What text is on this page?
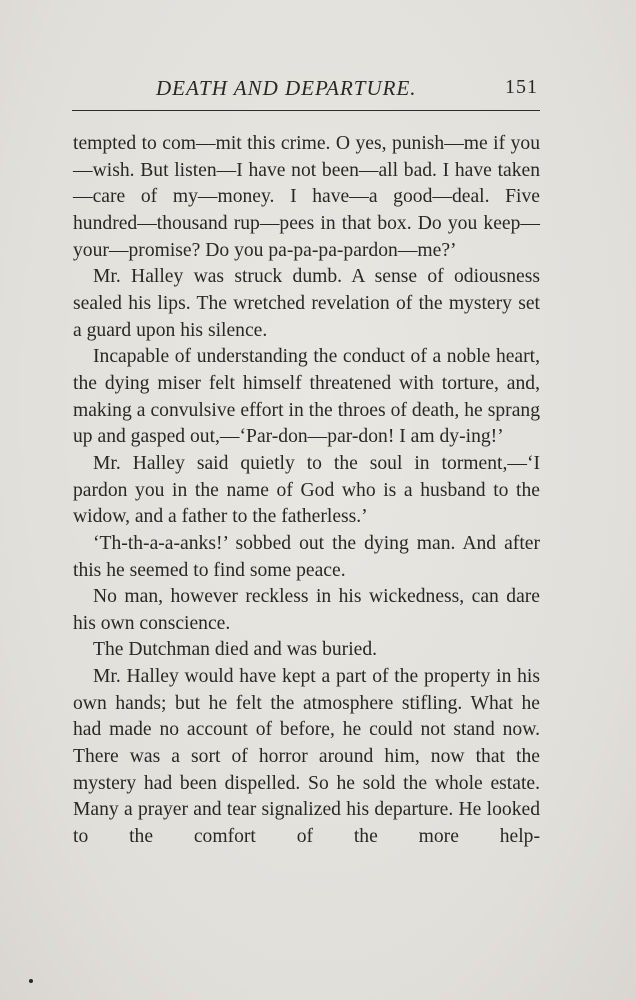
DEATH AND DEPARTURE.	151

tempted to com—mit this crime. O yes, punish—me if you—wish. But listen—I have not been—all bad. I have taken—care of my—money. I have—a good—deal. Five hundred—thousand rup—pees in that box. Do you keep—your—promise? Do you pa-pa-pa-pardon—me?’

Mr. Halley was struck dumb. A sense of odiousness sealed his lips. The wretched revelation of the mystery set a guard upon his silence.

Incapable of understanding the conduct of a noble heart, the dying miser felt himself threatened with torture, and, making a convulsive effort in the throes of death, he sprang up and gasped out,—‘Par-don—par-don! I am dy-ing!’

Mr. Halley said quietly to the soul in torment,—‘I pardon you in the name of God who is a husband to the widow, and a father to the fatherless.’

‘Th-th-a-a-anks!’ sobbed out the dying man. And after this he seemed to find some peace.

No man, however reckless in his wickedness, can dare his own conscience.

The Dutchman died and was buried.

Mr. Halley would have kept a part of the property in his own hands; but he felt the atmosphere stifling. What he had made no account of before, he could not stand now. There was a sort of horror around him, now that the mystery had been dispelled. So he sold the whole estate. Many a prayer and tear signalized his departure. He looked to the comfort of the more help-
